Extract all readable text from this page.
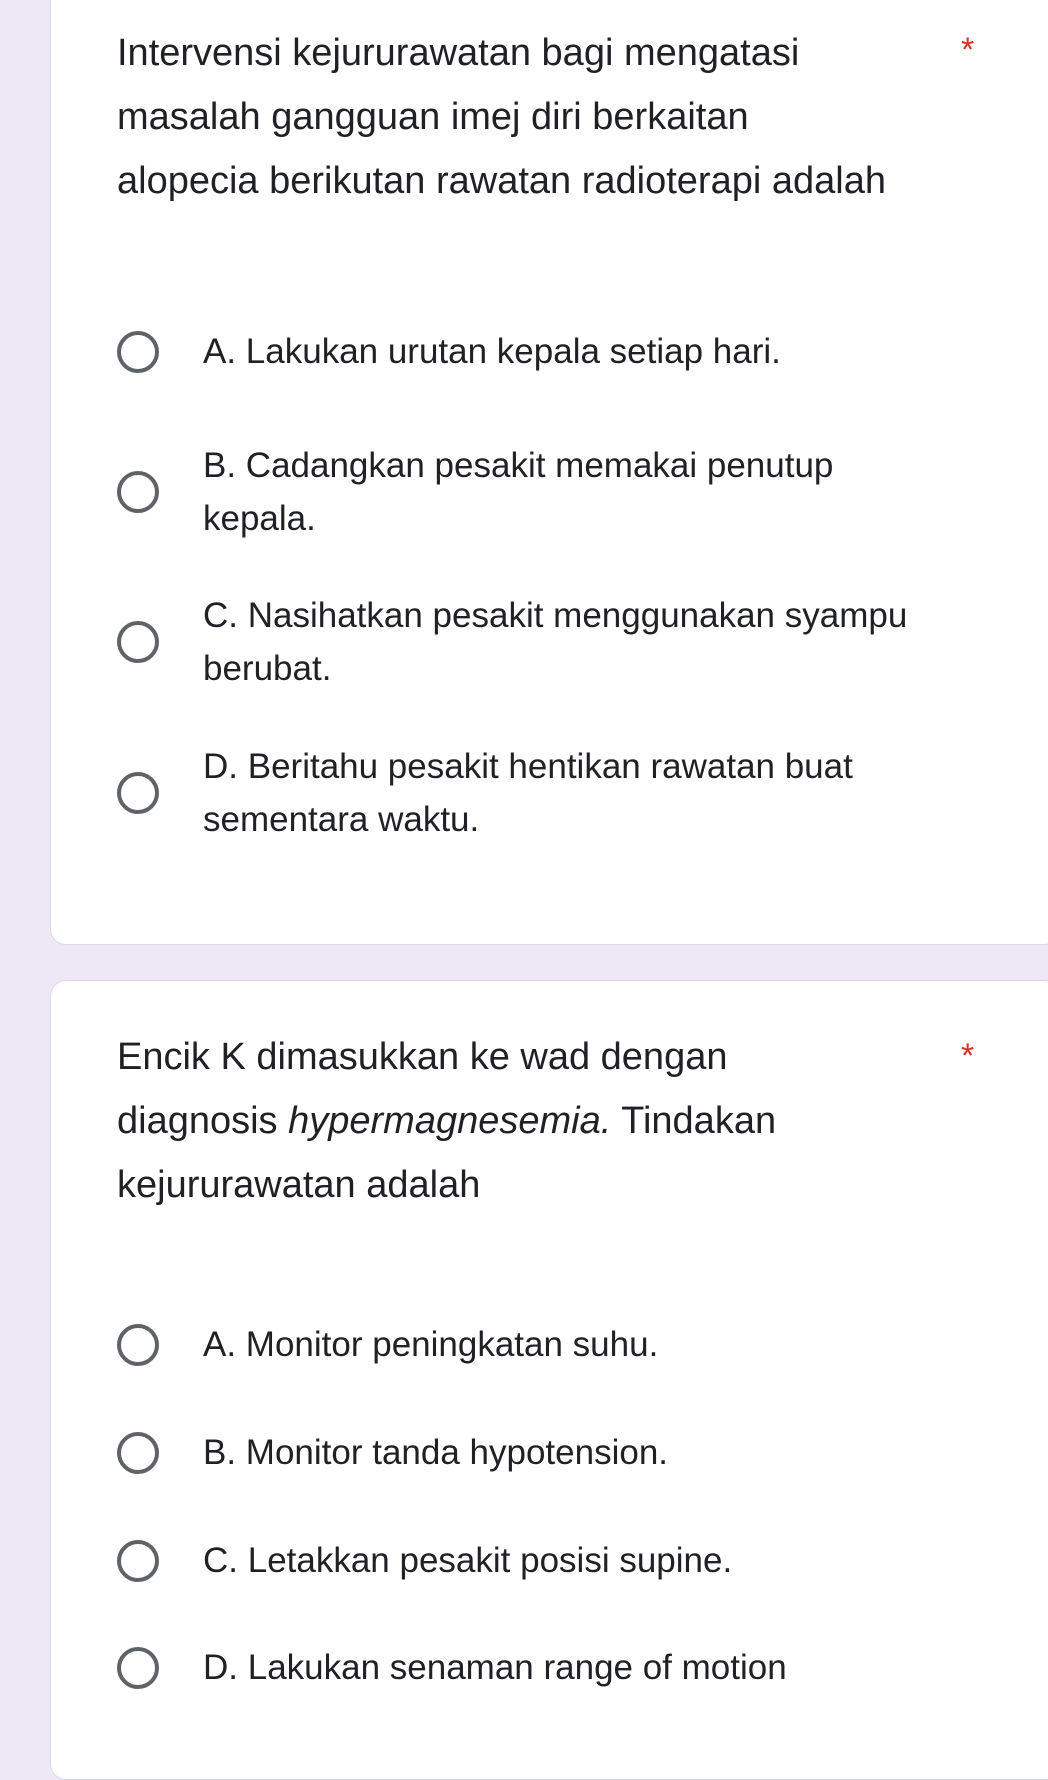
Intervensi kejururawatan bagi mengatasi masalah gangguan imej diri berkaitan alopecia berikutan rawatan radioterapi adalah
*
A. Lakukan urutan kepala setiap hari.
B. Cadangkan pesakit memakai penutup kepala.
C. Nasihatkan pesakit menggunakan syampu berubat.
D. Beritahu pesakit hentikan rawatan buat sementara waktu.
Encik K dimasukkan ke wad dengan diagnosis hypermagnesemia. Tindakan kejururawatan adalah
*
A. Monitor peningkatan suhu.
B. Monitor tanda hypotension.
C. Letakkan pesakit posisi supine.
D. Lakukan senaman range of motion
